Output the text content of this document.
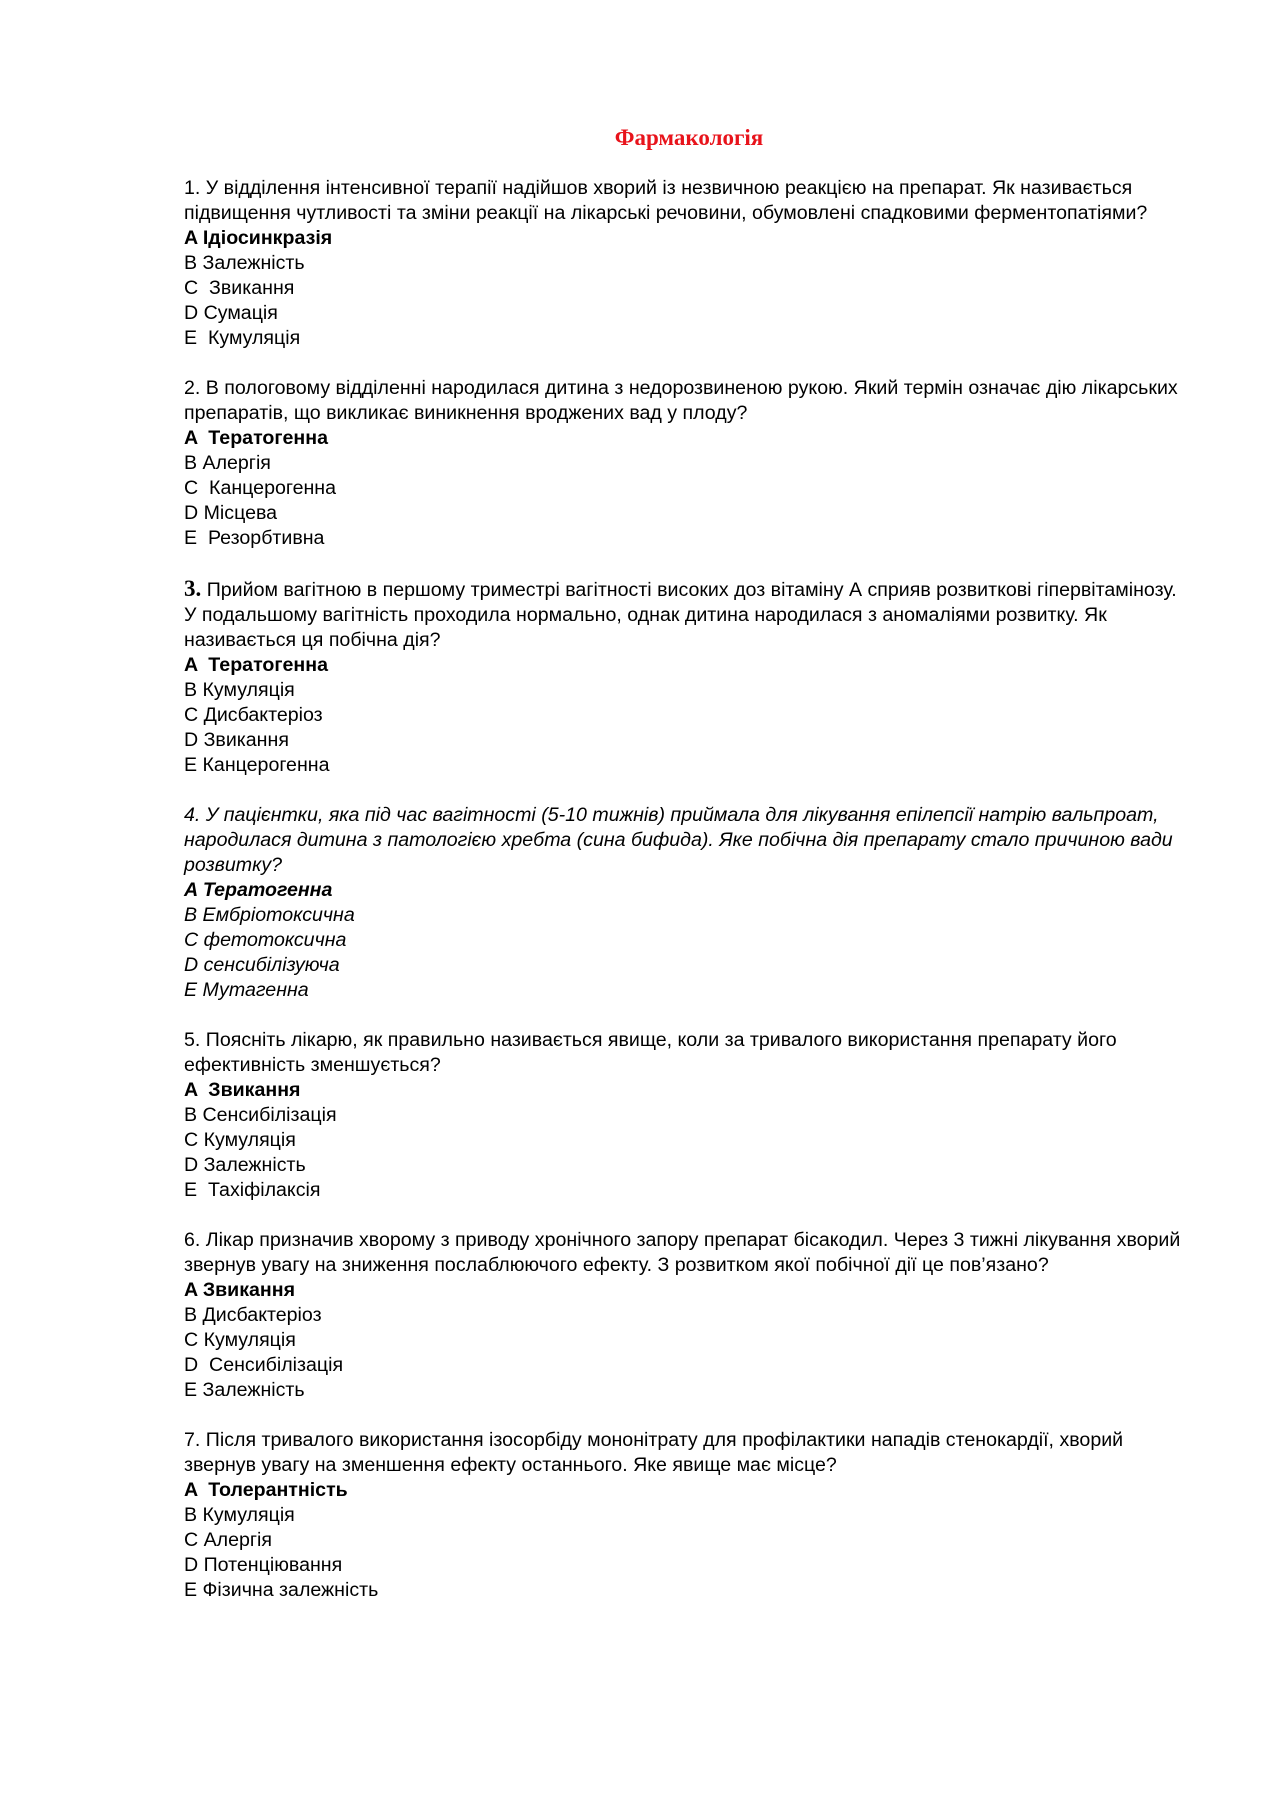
Фармакологія

1. У відділення інтенсивної терапії надійшов хворий із незвичною реакцією на препарат. Як називається підвищення чутливості та зміни реакції на лікарські речовини, обумовлені спадковими ферментопатіями?

A Ідіосинкразія

B Залежність

C  Звикання

D Сумація

E  Кумуляція

2. В пологовому відділенні народилася дитина з недорозвиненою рукою. Який термін означає дію лікарських препаратів, що викликає виникнення вроджених вад у плоду?

A  Тератогенна

B Алергія

C  Канцерогенна

D Місцева

E  Резорбтивна

3. Прийом вагітною в першому триместрі вагітності високих доз вітаміну А сприяв розвиткові гіпервітамінозу. У подальшому вагітність проходила нормально, однак дитина народилася з аномаліями розвитку. Як називається ця побічна дія?

A  Тератогенна

B Кумуляція

C Дисбактеріоз

D Звикання

E Канцерогенна

4. У пацієнтки, яка під час вагітності (5-10 тижнів) приймала для лікування епілепсії натрію вальпроат, народилася дитина з патологією хребта (сина бифида). Яке побічна дія препарату стало причиною вади розвитку?

A Тератогенна

B Ембріотоксична

C фетотоксична

D сенсибілізуюча

E Мутагенна

5. Поясніть лікарю, як правильно називається явище, коли за тривалого використання препарату його ефективність зменшується?

A  Звикання

B Сенсибілізація

C Кумуляція

D Залежність

E  Тахіфілаксія

6. Лікар призначив хворому з приводу хронічного запору препарат бісакодил. Через 3 тижні лікування хворий звернув увагу на зниження послаблюючого ефекту. З розвитком якої побічної дії це пов’язано?

A Звикання

B Дисбактеріоз

C Кумуляція

D  Сенсибілізація

E Залежність

7. Після тривалого використання ізосорбіду мононітрату для профілактики нападів стенокардії, хворий звернув увагу на зменшення ефекту останнього. Яке явище має місце?

A  Толерантність

B Кумуляція

C Алергія

D Потенціювання

E Фізична залежність
